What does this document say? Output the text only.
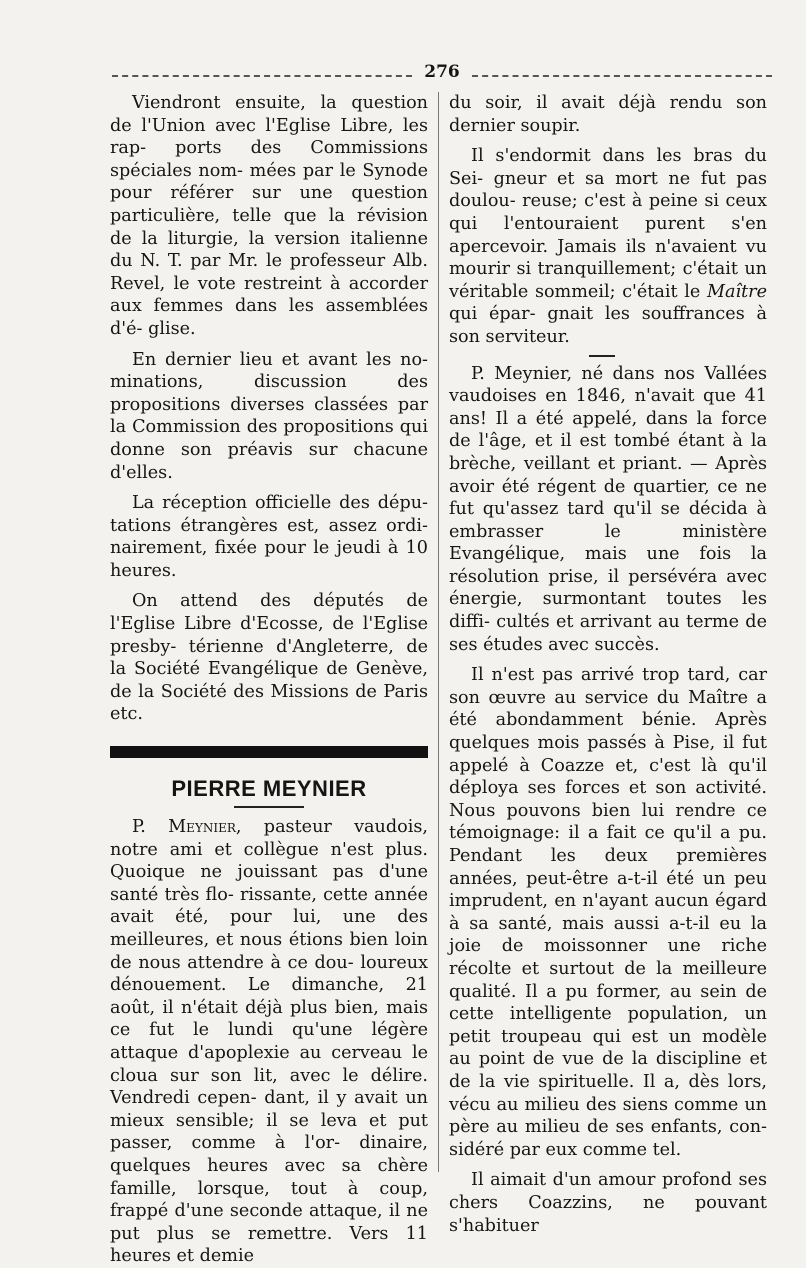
276

Viendront ensuite, la question de l'Union avec l'Eglise Libre, les rap- ports des Commissions spéciales nom- mées par le Synode pour référer sur une question particulière, telle que la révision de la liturgie, la version italienne du N. T. par Mr. le professeur Alb. Revel, le vote restreint à accorder aux femmes dans les assemblées d'é- glise.

En dernier lieu et avant les no- minations, discussion des propositions diverses classées par la Commission des propositions qui donne son préavis sur chacune d'elles.

La réception officielle des dépu- tations étrangères est, assez ordi- nairement, fixée pour le jeudi à 10 heures.

On attend des députés de l'Eglise Libre d'Ecosse, de l'Eglise presby- térienne d'Angleterre, de la Société Evangélique de Genève, de la Société des Missions de Paris etc.

PIERRE MEYNIER

P. Meynier, pasteur vaudois, notre ami et collègue n'est plus. Quoique ne jouissant pas d'une santé très flo- rissante, cette année avait été, pour lui, une des meilleures, et nous étions bien loin de nous attendre à ce dou- loureux dénouement. Le dimanche, 21 août, il n'était déjà plus bien, mais ce fut le lundi qu'une légère attaque d'apoplexie au cerveau le cloua sur son lit, avec le délire. Vendredi cepen- dant, il y avait un mieux sensible; il se leva et put passer, comme à l'or- dinaire, quelques heures avec sa chère famille, lorsque, tout à coup, frappé d'une seconde attaque, il ne put plus se remettre. Vers 11 heures et demie

du soir, il avait déjà rendu son dernier soupir.

Il s'endormit dans les bras du Sei- gneur et sa mort ne fut pas doulou- reuse; c'est à peine si ceux qui l'entouraient purent s'en apercevoir. Jamais ils n'avaient vu mourir si tranquillement; c'était un véritable sommeil; c'était le Maître qui épar- gnait les souffrances à son serviteur.

P. Meynier, né dans nos Vallées vaudoises en 1846, n'avait que 41 ans! Il a été appelé, dans la force de l'âge, et il est tombé étant à la brèche, veillant et priant. — Après avoir été régent de quartier, ce ne fut qu'assez tard qu'il se décida à embrasser le	ministère Evangélique, mais une fois la résolution prise, il persévéra avec énergie, surmontant toutes les diffi- cultés et arrivant au terme de ses études avec succès.

Il n'est pas arrivé trop tard, car son œuvre au service du Maître a été abondamment bénie. Après quelques mois passés à Pise, il fut appelé à Coazze et, c'est là qu'il déploya ses forces et son activité. Nous pouvons bien lui rendre ce témoignage: il a fait ce qu'il a pu. Pendant les deux premières années, peut-être a-t-il été un peu imprudent, en n'ayant aucun égard à sa santé, mais aussi a-t-il eu la joie de moissonner une riche récolte et surtout de la meilleure qualité. Il a pu former, au sein de cette intelligente population, un petit troupeau qui est un modèle au point de vue de la discipline et de la vie spirituelle. Il a, dès lors, vécu au milieu des siens comme un père au milieu de ses enfants, con- sidéré par eux comme tel.

Il aimait d'un amour profond ses chers Coazzins, ne pouvant s'habituer
